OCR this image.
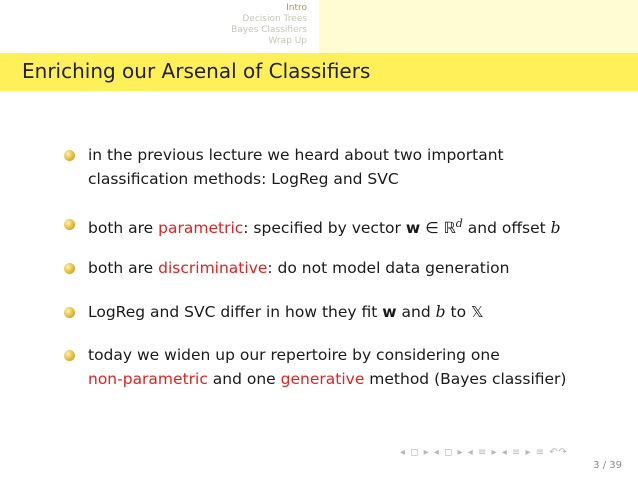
Intro
Decision Trees
Bayes Classifiers
Wrap Up
Enriching our Arsenal of Classifiers
in the previous lecture we heard about two important
classification methods: LogReg and SVC
both are parametric: specified by vector w ∈ ℝ$^d$ and offset b
both are discriminative: do not model data generation
LogReg and SVC differ in how they fit w and b to 𝕏
today we widen up our repertoire by considering one
non-parametric and one generative method (Bayes classifier)
◂ ◻ ▸ ◂ ◻ ▸ ◂ ≡ ▸ ◂ ≡ ▸ ≡ ↶↷
3 / 39
